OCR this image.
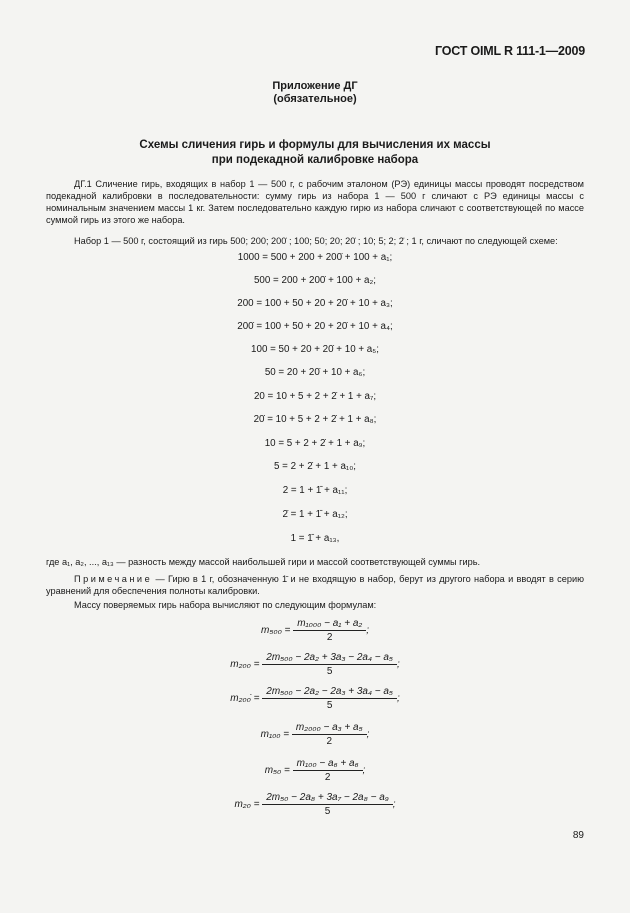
ГОСТ OIML R 111-1—2009
Приложение ДГ
(обязательное)
Схемы сличения гирь и формулы для вычисления их массы
при подекадной калибровке набора
ДГ.1 Сличение гирь, входящих в набор 1 — 500 г, с рабочим эталоном (РЭ) единицы массы проводят посредством подекадной калибровки в последовательности: сумму гирь из набора 1 — 500 г сличают с РЭ единицы массы с номинальным значением массы 1 кг. Затем последовательно каждую гирю из набора сличают с соответствующей по массе суммой гирь из этого же набора.
Набор 1 — 500 г, состоящий из гирь 500; 200; 200̇ ; 100; 50; 20; 20̇ ; 10; 5; 2; 2̇ ; 1 г, сличают по следующей схеме:
1000 = 500 + 200 + 200̇ + 100 + a₁;
500 = 200 + 200̇ + 100 + a₂;
200 = 100 + 50 + 20 + 20̇ + 10 + a₃;
200̇ = 100 + 50 + 20 + 20̇ + 10 + a₄;
100 = 50 + 20 + 20̇ + 10 + a₅;
50 = 20 + 20̇ + 10 + a₆;
20 = 10 + 5 + 2 + 2̇ + 1 + a₇;
20̇ = 10 + 5 + 2 + 2̇ + 1 + a₈;
10 = 5 + 2 + 2̇ + 1 + a₉;
5 = 2 + 2̇ + 1 + a₁₀;
2 = 1 + 1̄ + a₁₁;
2̇ = 1 + 1̄ + a₁₂;
1 = 1̄ + a₁₃,
где a₁, a₂, ..., a₁₃ — разность между массой наибольшей гири и массой соответствующей суммы гирь.
Примечание — Гирю в 1 г, обозначенную 1̄ и не входящую в набор, берут из другого набора и вводят в серию уравнений для обеспечения полноты калибровки.
Массу поверяемых гирь набора вычисляют по следующим формулам:
$m_{500} = \frac{\text{m₁₀₀₀ − a₁ + a₂}}{2}$ ;
$m_{200} = \frac{\text{2m₅₀₀ − 2a₂ + 3a₃ − 2a₄ − a₅}}{5}$ ;
m₂₀₀̇ = $\frac{\text{2m₅₀₀ − 2a₂ − 2a₃ + 3a₄ − a₅}}{5}$ ;
$m_{100} = \frac{\text{m₂₀₀₀ − a₃ + a₅}}{2}$ ;
$m_{50} = \frac{\text{m₁₀₀ − a₆ + a₆}}{2}$ ;
$m_{20} = \frac{\text{2m₅₀ − 2a₈ + 3a₇ − 2a₈ − a₉}}{5}$ ;
89
